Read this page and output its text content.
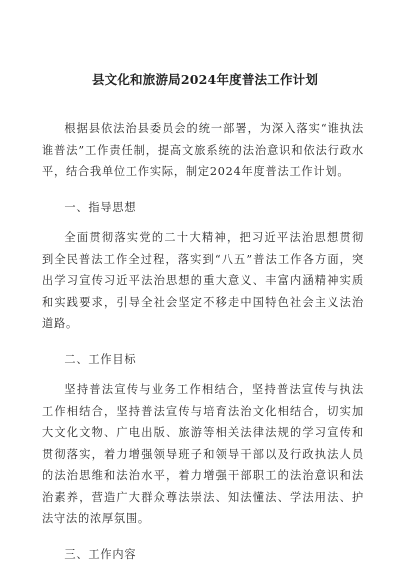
县文化和旅游局2024年度普法工作计划

根据县依法治县委员会的统一部署，为深入落实“谁执法谁普法”工作责任制，提高文旅系统的法治意识和依法行政水平，结合我单位工作实际，制定2024年度普法工作计划。

一、指导思想

全面贯彻落实党的二十大精神，把习近平法治思想贯彻到全民普法工作全过程，落实到“八五”普法工作各方面，突出学习宣传习近平法治思想的重大意义、丰富内涵精神实质和实践要求，引导全社会坚定不移走中国特色社会主义法治道路。

二、工作目标

坚持普法宣传与业务工作相结合，坚持普法宣传与执法工作相结合，坚持普法宣传与培育法治文化相结合，切实加大文化文物、广电出版、旅游等相关法律法规的学习宣传和贯彻落实，着力增强领导班子和领导干部以及行政执法人员的法治思维和法治水平，着力增强干部职工的法治意识和法治素养，营造广大群众尊法崇法、知法懂法、学法用法、护法守法的浓厚氛围。

三、工作内容
